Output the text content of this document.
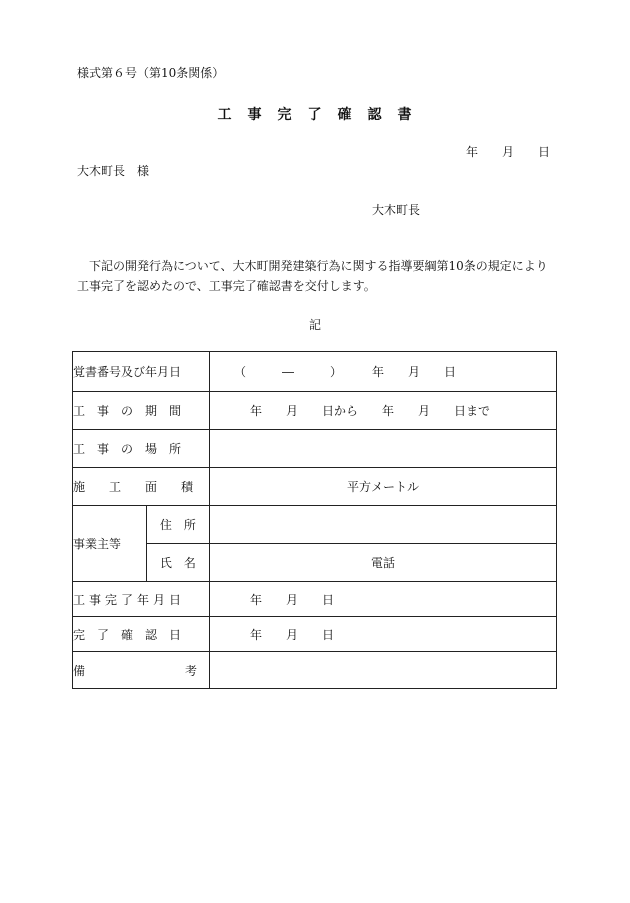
様式第６号（第10条関係）
工　事　完　了　確　認　書
年　　月　　日
大木町長　様
大木町長
　下記の開発行為について、大木町開発建築行為に関する指導要綱第10条の規定により工事完了を認めたので、工事完了確認書を交付します。
記
覚書番号及び年月日		（　　　―　　　）　　　年　　月　　日
工　事　の　期　間		年　　月　　日から　　年　　月　　日まで
工　事　の　場　所		
施　　工　　面　　積		平方メートル
事業主等	住　所	
	氏　名	電話
工事完了年月日		年　　月　　日
完　了　確　認　日		年　　月　　日

備 考		
